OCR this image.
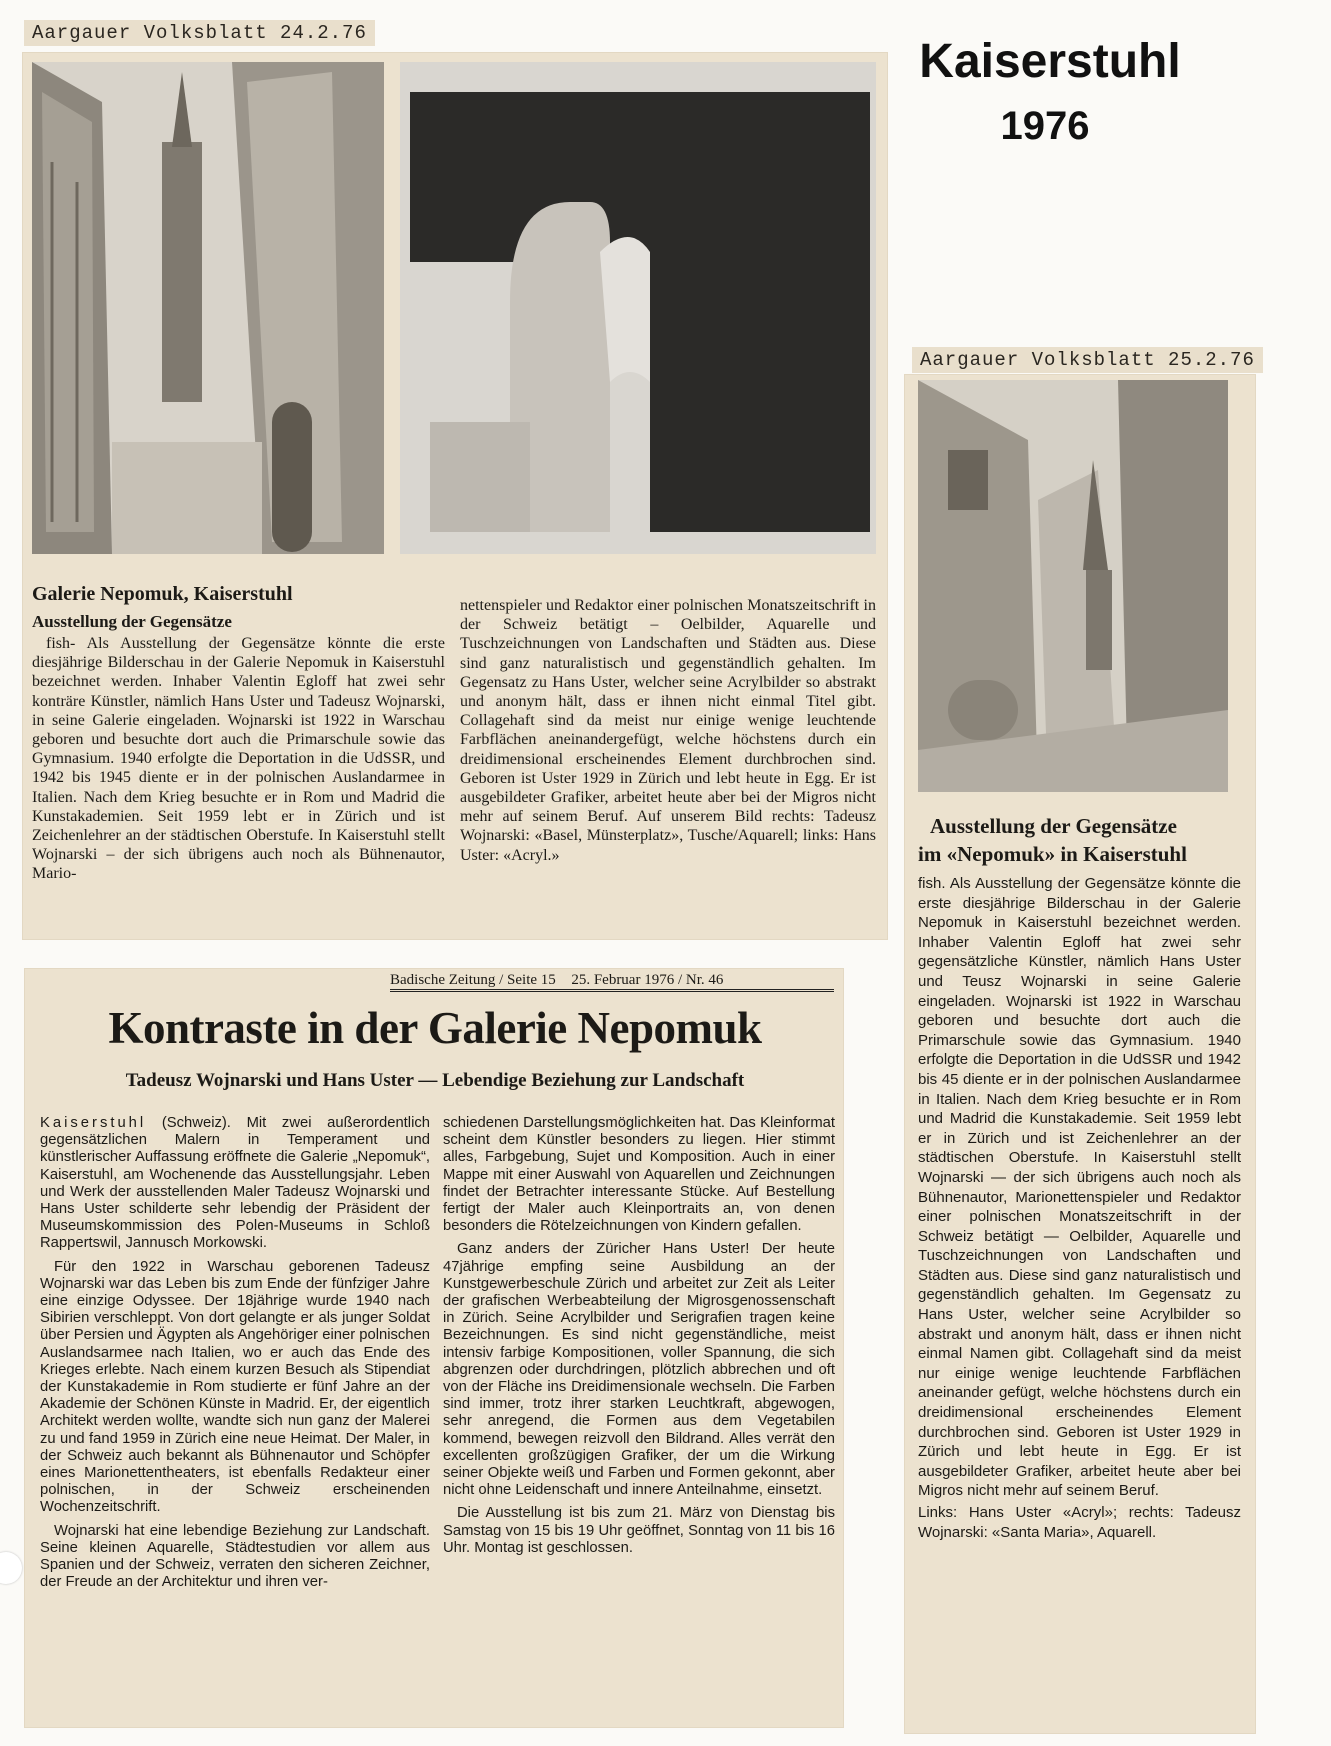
Kaiserstuhl
1976
Aargauer Volksblatt 24.2.76
Galerie Nepomuk, Kaiserstuhl
Ausstellung der Gegensätze

fish- Als Ausstellung der Gegensätze könnte die erste diesjährige Bilderschau in der Galerie Nepomuk in Kaiserstuhl bezeichnet werden. Inhaber Valentin Egloff hat zwei sehr konträre Künstler, nämlich Hans Uster und Tadeusz Wojnarski, in seine Galerie eingeladen. Wojnarski ist 1922 in Warschau geboren und besuchte dort auch die Primarschule sowie das Gymnasium. 1940 erfolgte die Deportation in die UdSSR, und 1942 bis 1945 diente er in der polnischen Auslandarmee in Italien. Nach dem Krieg besuchte er in Rom und Madrid die Kunstakademien. Seit 1959 lebt er in Zürich und ist Zeichenlehrer an der städtischen Oberstufe. In Kaiserstuhl stellt Wojnarski – der sich übrigens auch noch als Bühnenautor, Mario-

nettenspieler und Redaktor einer polnischen Monatszeitschrift in der Schweiz betätigt – Oelbilder, Aquarelle und Tuschzeichnungen von Landschaften und Städten aus. Diese sind ganz naturalistisch und gegenständlich gehalten. Im Gegensatz zu Hans Uster, welcher seine Acrylbilder so abstrakt und anonym hält, dass er ihnen nicht einmal Titel gibt. Collagehaft sind da meist nur einige wenige leuchtende Farbflächen aneinandergefügt, welche höchstens durch ein dreidimensional erscheinendes Element durchbrochen sind. Geboren ist Uster 1929 in Zürich und lebt heute in Egg. Er ist ausgebildeter Grafiker, arbeitet heute aber bei der Migros nicht mehr auf seinem Beruf. Auf unserem Bild rechts: Tadeusz Wojnarski: «Basel, Münsterplatz», Tusche/Aquarell; links: Hans Uster: «Acryl.»

Aargauer Volksblatt 25.2.76
Ausstellung der Gegensätze
im «Nepomuk» in Kaiserstuhl

fish. Als Ausstellung der Gegensätze könnte die erste diesjährige Bilderschau in der Galerie Nepomuk in Kaiserstuhl bezeichnet werden. Inhaber Valentin Egloff hat zwei sehr gegensätzliche Künstler, nämlich Hans Uster und Teusz Wojnarski in seine Galerie eingeladen. Wojnarski ist 1922 in Warschau geboren und besuchte dort auch die Primarschule sowie das Gymnasium. 1940 erfolgte die Deportation in die UdSSR und 1942 bis 45 diente er in der polnischen Auslandarmee in Italien. Nach dem Krieg besuchte er in Rom und Madrid die Kunstakademie. Seit 1959 lebt er in Zürich und ist Zeichenlehrer an der städtischen Oberstufe. In Kaiserstuhl stellt Wojnarski — der sich übrigens auch noch als Bühnenautor, Marionettenspieler und Redaktor einer polnischen Monatszeitschrift in der Schweiz betätigt — Oelbilder, Aquarelle und Tuschzeichnungen von Landschaften und Städten aus. Diese sind ganz naturalistisch und gegenständlich gehalten. Im Gegensatz zu Hans Uster, welcher seine Acrylbilder so abstrakt und anonym hält, dass er ihnen nicht einmal Namen gibt. Collagehaft sind da meist nur einige wenige leuchtende Farbflächen aneinander gefügt, welche höchstens durch ein dreidimensional erscheinendes Element durchbrochen sind. Geboren ist Uster 1929 in Zürich und lebt heute in Egg. Er ist ausgebildeter Grafiker, arbeitet heute aber bei Migros nicht mehr auf seinem Beruf.

Links: Hans Uster «Acryl»; rechts: Tadeusz Wojnarski: «Santa Maria», Aquarell.

Badische Zeitung / Seite 15 25. Februar 1976 / Nr. 46
Kontraste in der Galerie Nepomuk
Tadeusz Wojnarski und Hans Uster — Lebendige Beziehung zur Landschaft

Kaiserstuhl (Schweiz). Mit zwei außerordentlich gegensätzlichen Malern in Temperament und künstlerischer Auffassung eröffnete die Galerie „Nepomuk“, Kaiserstuhl, am Wochenende das Ausstellungsjahr. Leben und Werk der ausstellenden Maler Tadeusz Wojnarski und Hans Uster schilderte sehr lebendig der Präsident der Museumskommission des Polen-Museums in Schloß Rappertswil, Jannusch Morkowski.

Für den 1922 in Warschau geborenen Tadeusz Wojnarski war das Leben bis zum Ende der fünfziger Jahre eine einzige Odyssee. Der 18jährige wurde 1940 nach Sibirien verschleppt. Von dort gelangte er als junger Soldat über Persien und Ägypten als Angehöriger einer polnischen Auslandsarmee nach Italien, wo er auch das Ende des Krieges erlebte. Nach einem kurzen Besuch als Stipendiat der Kunstakademie in Rom studierte er fünf Jahre an der Akademie der Schönen Künste in Madrid. Er, der eigentlich Architekt werden wollte, wandte sich nun ganz der Malerei zu und fand 1959 in Zürich eine neue Heimat. Der Maler, in der Schweiz auch bekannt als Bühnenautor und Schöpfer eines Marionettentheaters, ist ebenfalls Redakteur einer polnischen, in der Schweiz erscheinenden Wochenzeitschrift.

Wojnarski hat eine lebendige Beziehung zur Landschaft. Seine kleinen Aquarelle, Städtestudien vor allem aus Spanien und der Schweiz, verraten den sicheren Zeichner, der Freude an der Architektur und ihren ver-

schiedenen Darstellungsmöglichkeiten hat. Das Kleinformat scheint dem Künstler besonders zu liegen. Hier stimmt alles, Farbgebung, Sujet und Komposition. Auch in einer Mappe mit einer Auswahl von Aquarellen und Zeichnungen findet der Betrachter interessante Stücke. Auf Bestellung fertigt der Maler auch Kleinportraits an, von denen besonders die Rötelzeichnungen von Kindern gefallen.

Ganz anders der Züricher Hans Uster! Der heute 47jährige empfing seine Ausbildung an der Kunstgewerbeschule Zürich und arbeitet zur Zeit als Leiter der grafischen Werbeabteilung der Migrosgenossenschaft in Zürich. Seine Acrylbilder und Serigrafien tragen keine Bezeichnungen. Es sind nicht gegenständliche, meist intensiv farbige Kompositionen, voller Spannung, die sich abgrenzen oder durchdringen, plötzlich abbrechen und oft von der Fläche ins Dreidimensionale wechseln. Die Farben sind immer, trotz ihrer starken Leuchtkraft, abgewogen, sehr anregend, die Formen aus dem Vegetabilen kommend, bewegen reizvoll den Bildrand. Alles verrät den excellenten großzügigen Grafiker, der um die Wirkung seiner Objekte weiß und Farben und Formen gekonnt, aber nicht ohne Leidenschaft und innere Anteilnahme, einsetzt.

Die Ausstellung ist bis zum 21. März von Dienstag bis Samstag von 15 bis 19 Uhr geöffnet, Sonntag von 11 bis 16 Uhr. Montag ist geschlossen.
